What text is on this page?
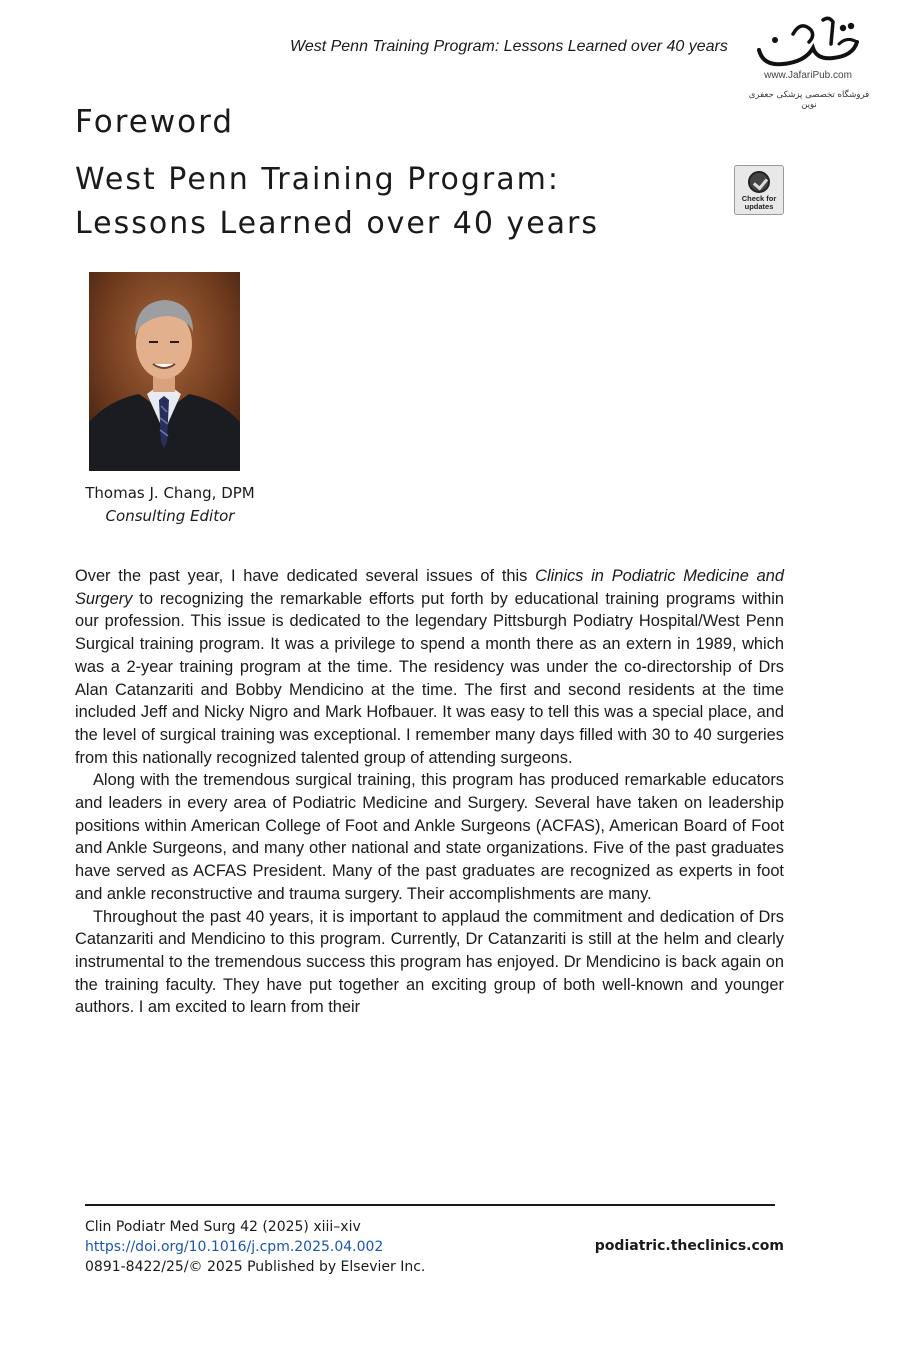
West Penn Training Program: Lessons Learned over 40 years
www.JafariPub.com
فروشگاه تخصصی پزشکی جعفری نوین
Foreword
West Penn Training Program:
Lessons Learned over 40 years
Check for
updates
Thomas J. Chang, DPM
Consulting Editor

Over the past year, I have dedicated several issues of this Clinics in Podiatric Medicine and Surgery to recognizing the remarkable efforts put forth by educational training programs within our profession. This issue is dedicated to the legendary Pittsburgh Podiatry Hospital/West Penn Surgical training program. It was a privilege to spend a month there as an extern in 1989, which was a 2-year training program at the time. The residency was under the co-directorship of Drs Alan Catanzariti and Bobby Mendicino at the time. The first and second residents at the time included Jeff and Nicky Nigro and Mark Hofbauer. It was easy to tell this was a special place, and the level of surgical training was exceptional. I remember many days filled with 30 to 40 surgeries from this nationally recognized talented group of attending surgeons.

Along with the tremendous surgical training, this program has produced remarkable educators and leaders in every area of Podiatric Medicine and Surgery. Several have taken on leadership positions within American College of Foot and Ankle Surgeons (ACFAS), American Board of Foot and Ankle Surgeons, and many other national and state organizations. Five of the past graduates have served as ACFAS President. Many of the past graduates are recognized as experts in foot and ankle reconstructive and trauma surgery. Their accomplishments are many.

Throughout the past 40 years, it is important to applaud the commitment and dedication of Drs Catanzariti and Mendicino to this program. Currently, Dr Catanzariti is still at the helm and clearly instrumental to the tremendous success this program has enjoyed. Dr Mendicino is back again on the training faculty. They have put together an exciting group of both well-known and younger authors. I am excited to learn from their

Clin Podiatr Med Surg 42 (2025) xiii–xiv
https://doi.org/10.1016/j.cpm.2025.04.002
0891-8422/25/© 2025 Published by Elsevier Inc.
podiatric.theclinics.com
